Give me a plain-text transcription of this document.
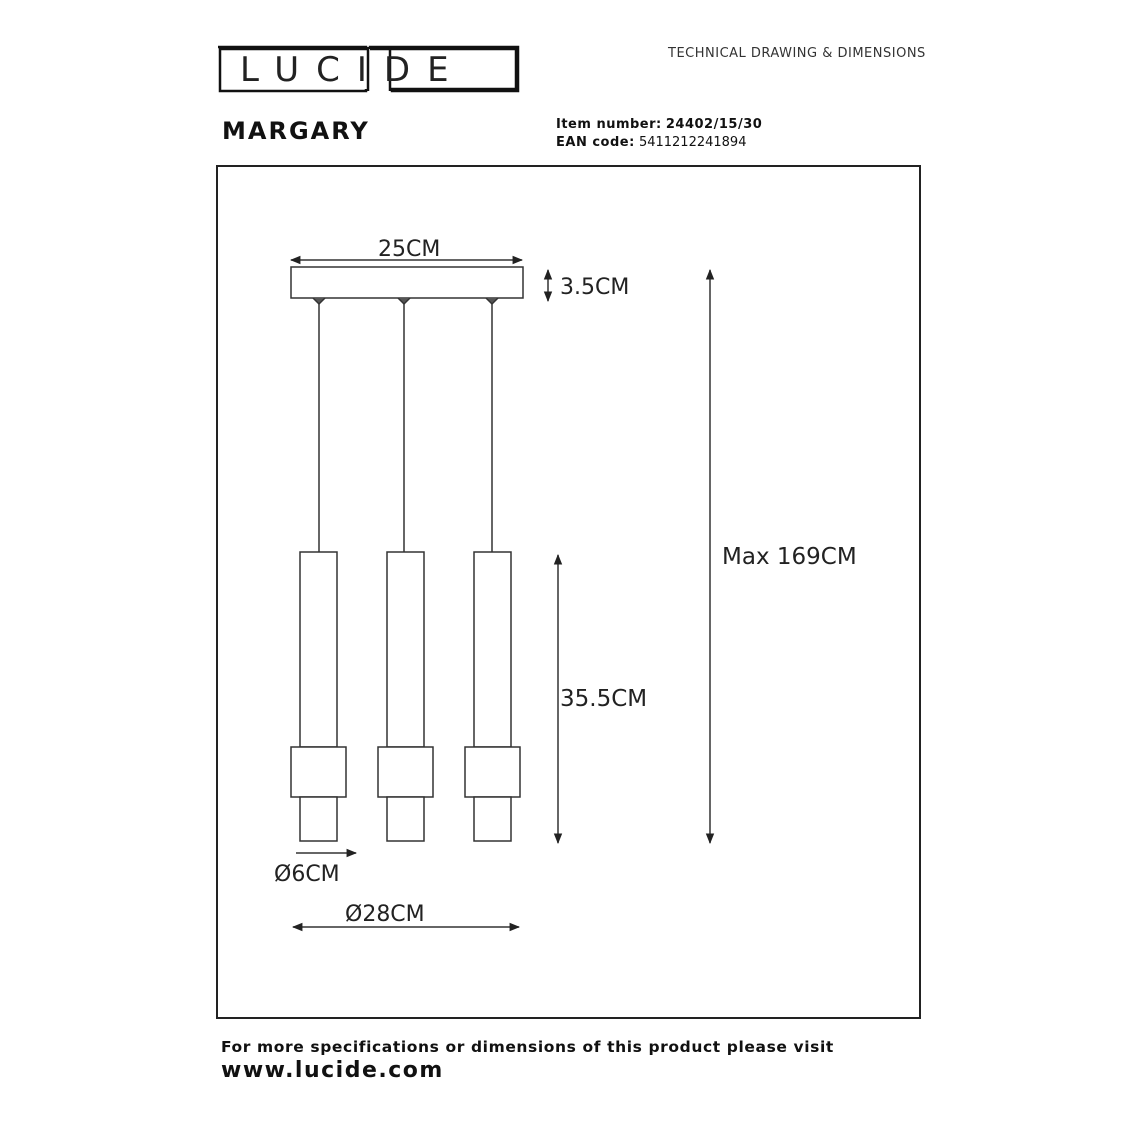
LUCIDE	TECHNICAL DRAWING & DIMENSIONS
MARGARY	Item number: 24402/15/30
EAN code: 5411212241894
25CM
3.5CM
Max 169CM
35.5CM
Ø6CM
Ø28CM
For more specifications or dimensions of this product please visit
www.lucide.com
